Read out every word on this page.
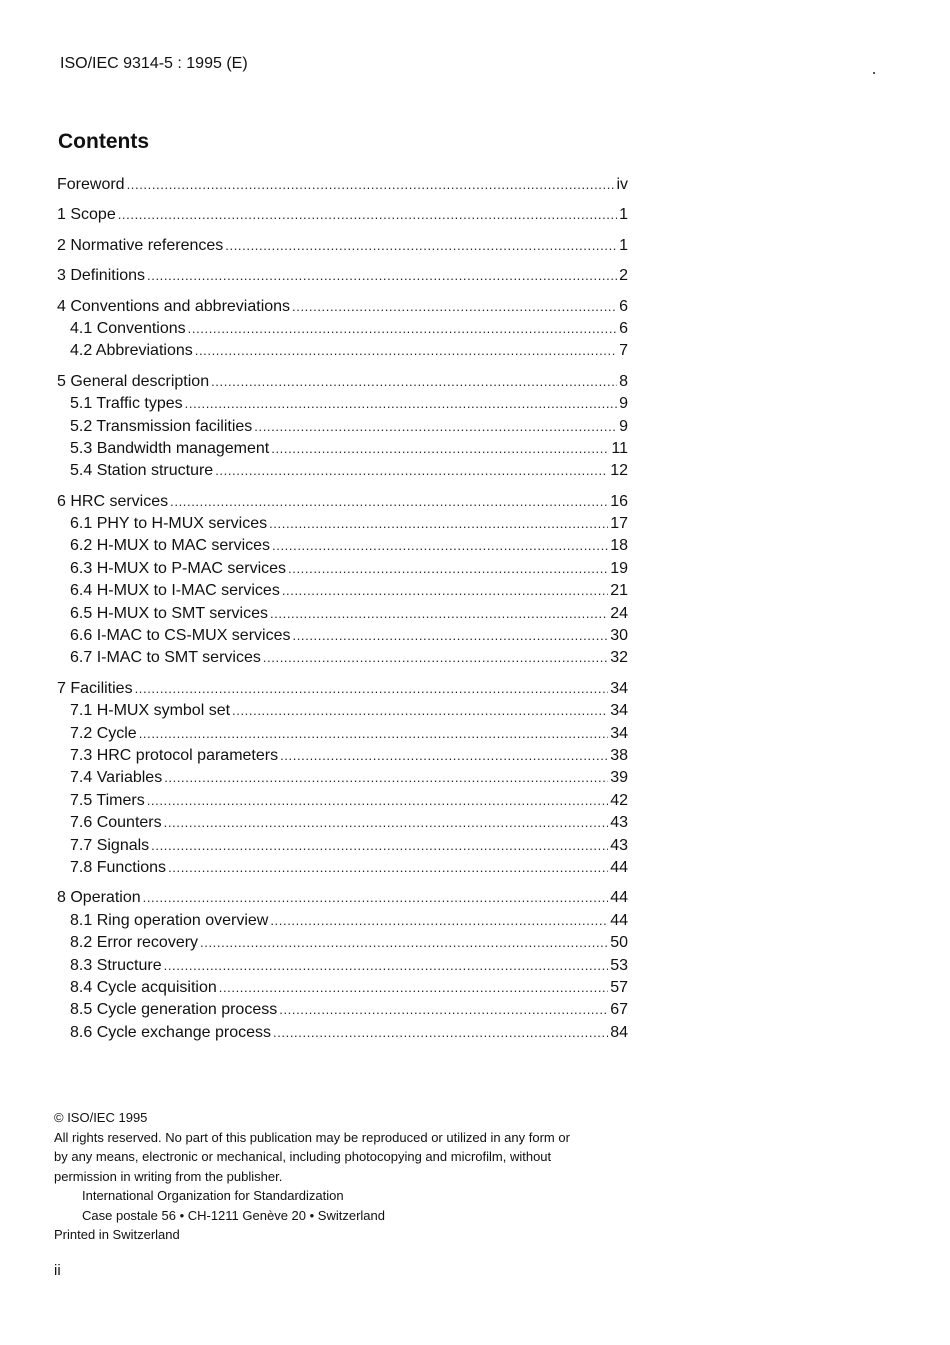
ISO/IEC 9314-5 : 1995 (E)
Contents
Foreword .....	iv
1 Scope .....	1
2 Normative references .....	1
3 Definitions .....	2
4 Conventions and abbreviations .....	6
4.1 Conventions .....	6
4.2 Abbreviations .....	7
5 General description .....	8
5.1 Traffic types .....	9
5.2 Transmission facilities .....	9
5.3 Bandwidth management .....	11
5.4 Station structure .....	12
6 HRC services .....	16
6.1 PHY to H-MUX services .....	17
6.2 H-MUX to MAC services .....	18
6.3 H-MUX to P-MAC services .....	19
6.4 H-MUX to I-MAC services .....	21
6.5 H-MUX to SMT services .....	24
6.6 I-MAC to CS-MUX services .....	30
6.7 I-MAC to SMT services .....	32
7 Facilities .....	34
7.1 H-MUX symbol set .....	34
7.2 Cycle .....	34
7.3 HRC protocol parameters .....	38
7.4 Variables .....	39
7.5 Timers .....	42
7.6 Counters .....	43
7.7 Signals .....	43
7.8 Functions .....	44
8 Operation .....	44
8.1 Ring operation overview .....	44
8.2 Error recovery .....	50
8.3 Structure .....	53
8.4 Cycle acquisition .....	57
8.5 Cycle generation process .....	67
8.6 Cycle exchange process .....	84
© ISO/IEC 1995
All rights reserved. No part of this publication may be reproduced or utilized in any form or
by any means, electronic or mechanical, including photocopying and microfilm, without
permission in writing from the publisher.
International Organization for Standardization
Case postale 56 • CH-1211 Genève 20 • Switzerland
Printed in Switzerland
ii
